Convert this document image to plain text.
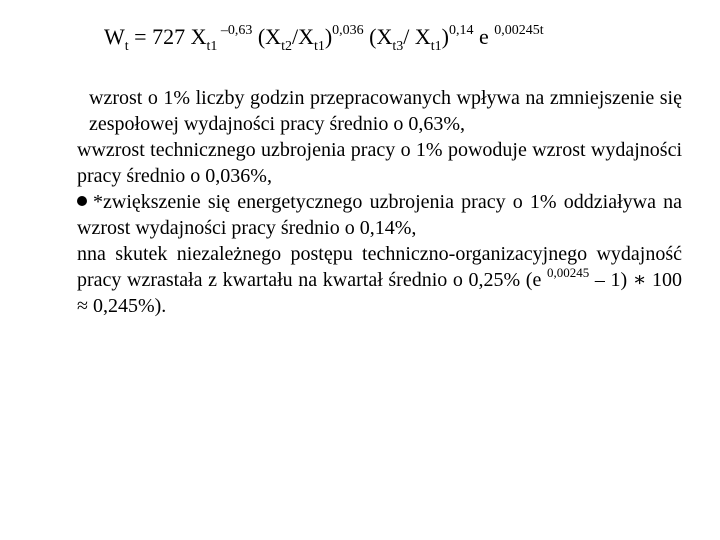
$W_t = 727$ $X_{t1}$ $^{-0,63}$ $(X_{t2}/X_{t1})^{0,036}$ ($X_{t3}/$ $X_{t1})^{0,14}$ e $^{0,00245t}$

wzrost o 1% liczby godzin przepracowanych wpływa na zmniejszenie się zespołowej wydajności pracy średnio o 0,63%,

wwzrost technicznego uzbrojenia pracy o 1% powoduje wzrost wydajności pracy średnio o 0,036%,

*zwiększenie się energetycznego uzbrojenia pracy o 1% oddziaływa na wzrost wydajności pracy średnio o 0,14%,

nna skutek niezależnego postępu techniczno-organizacyjnego wydajność pracy wzrastała z kwartału na kwartał średnio o 0,25% (e $^{0,00245}$ – 1) ∗ 100 ≈ 0,245%).
